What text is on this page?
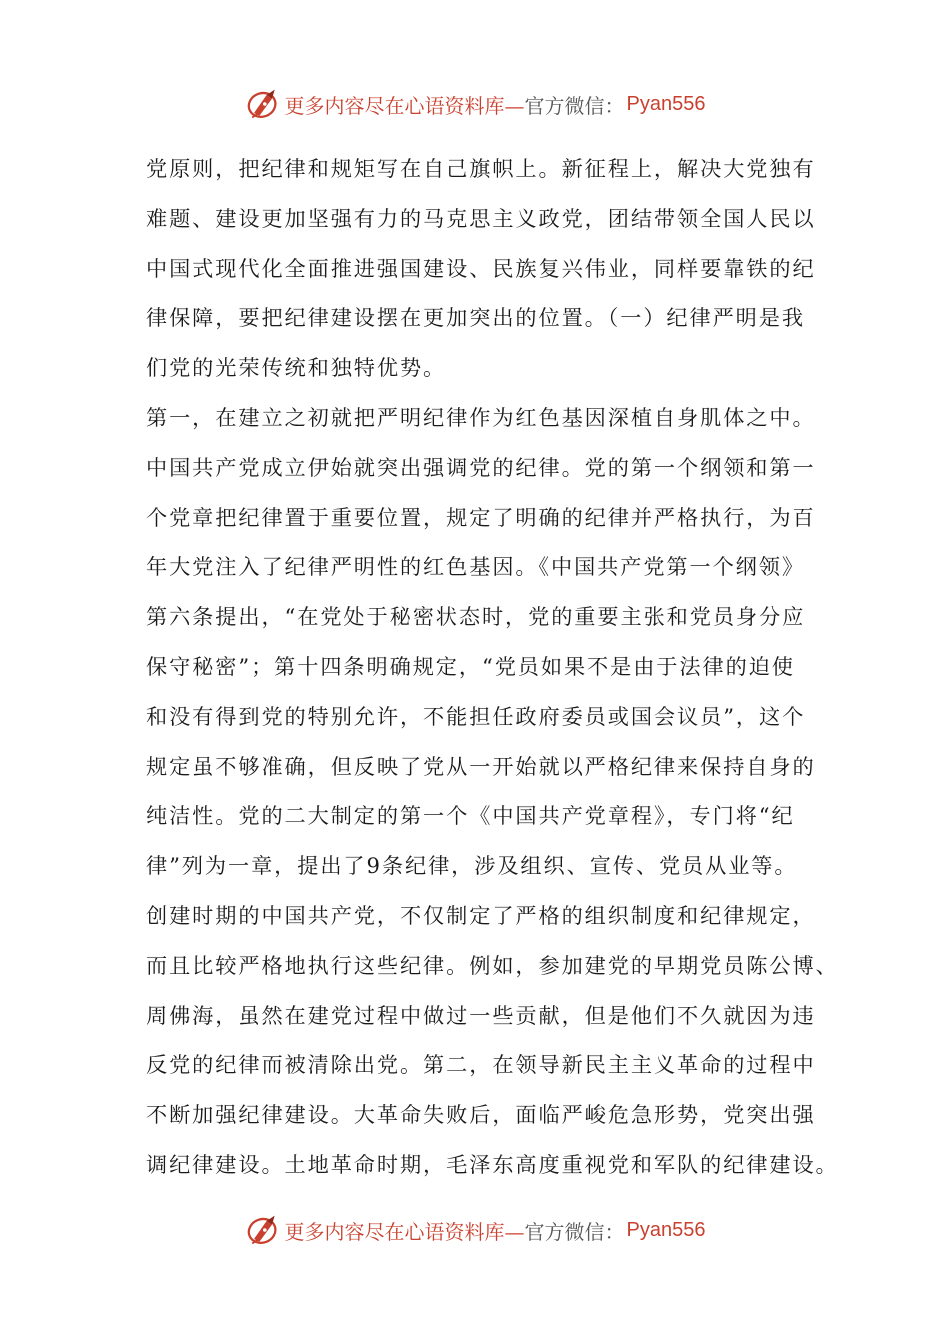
更多内容尽在心语资料库— 官方微信： Pyan556
党原则，把纪律和规矩写在自己旗帜上。新征程上，解决大党独有
难题、建设更加坚强有力的马克思主义政党，团结带领全国人民以
中国式现代化全面推进强国建设、民族复兴伟业，同样要靠铁的纪
律保障，要把纪律建设摆在更加突出的位置。（一）纪律严明是我
们党的光荣传统和独特优势。
第一，在建立之初就把严明纪律作为红色基因深植自身肌体之中。
中国共产党成立伊始就突出强调党的纪律。党的第一个纲领和第一
个党章把纪律置于重要位置，规定了明确的纪律并严格执行，为百
年大党注入了纪律严明性的红色基因。《中国共产党第一个纲领》
第六条提出，“在党处于秘密状态时，党的重要主张和党员身分应
保守秘密”；第十四条明确规定，“党员如果不是由于法律的迫使
和没有得到党的特别允许，不能担任政府委员或国会议员”，这个
规定虽不够准确，但反映了党从一开始就以严格纪律来保持自身的
纯洁性。党的二大制定的第一个《中国共产党章程》，专门将“纪
律”列为一章，提出了9条纪律，涉及组织、宣传、党员从业等。
创建时期的中国共产党，不仅制定了严格的组织制度和纪律规定，
而且比较严格地执行这些纪律。例如，参加建党的早期党员陈公博、
周佛海，虽然在建党过程中做过一些贡献，但是他们不久就因为违
反党的纪律而被清除出党。第二，在领导新民主主义革命的过程中
不断加强纪律建设。大革命失败后，面临严峻危急形势，党突出强
调纪律建设。土地革命时期，毛泽东高度重视党和军队的纪律建设。
更多内容尽在心语资料库— 官方微信： Pyan556
